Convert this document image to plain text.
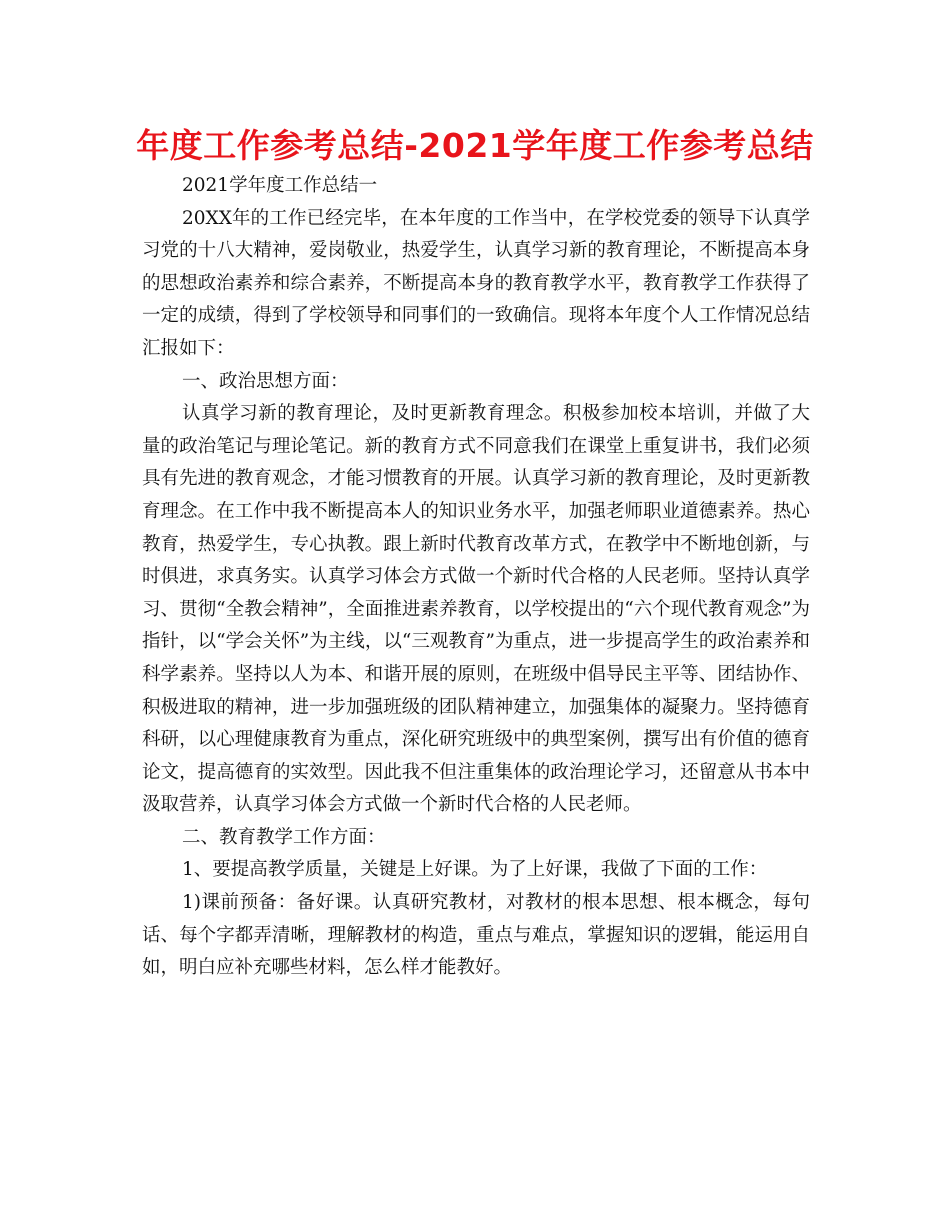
年度工作参考总结-2021学年度工作参考总结

2021学年度工作总结一

20XX年的工作已经完毕，在本年度的工作当中，在学校党委的领导下认真学习党的十八大精神，爱岗敬业，热爱学生，认真学习新的教育理论，不断提高本身的思想政治素养和综合素养，不断提高本身的教育教学水平，教育教学工作获得了一定的成绩，得到了学校领导和同事们的一致确信。现将本年度个人工作情况总结汇报如下：

一、政治思想方面：

认真学习新的教育理论，及时更新教育理念。积极参加校本培训，并做了大量的政治笔记与理论笔记。新的教育方式不同意我们在课堂上重复讲书，我们必须具有先进的教育观念，才能习惯教育的开展。认真学习新的教育理论，及时更新教育理念。在工作中我不断提高本人的知识业务水平，加强老师职业道德素养。热心教育，热爱学生，专心执教。跟上新时代教育改革方式，在教学中不断地创新，与时俱进，求真务实。认真学习体会方式做一个新时代合格的人民老师。坚持认真学习、贯彻“全教会精神”，全面推进素养教育，以学校提出的“六个现代教育观念”为指针，以“学会关怀”为主线，以“三观教育”为重点，进一步提高学生的政治素养和科学素养。坚持以人为本、和谐开展的原则，在班级中倡导民主平等、团结协作、积极进取的精神，进一步加强班级的团队精神建立，加强集体的凝聚力。坚持德育科研，以心理健康教育为重点，深化研究班级中的典型案例，撰写出有价值的德育论文，提高德育的实效型。因此我不但注重集体的政治理论学习，还留意从书本中汲取营养，认真学习体会方式做一个新时代合格的人民老师。

二、教育教学工作方面：

1、要提高教学质量，关键是上好课。为了上好课，我做了下面的工作：

1)课前预备：备好课。认真研究教材，对教材的根本思想、根本概念，每句话、每个字都弄清晰，理解教材的构造，重点与难点，掌握知识的逻辑，能运用自如，明白应补充哪些材料，怎么样才能教好。
